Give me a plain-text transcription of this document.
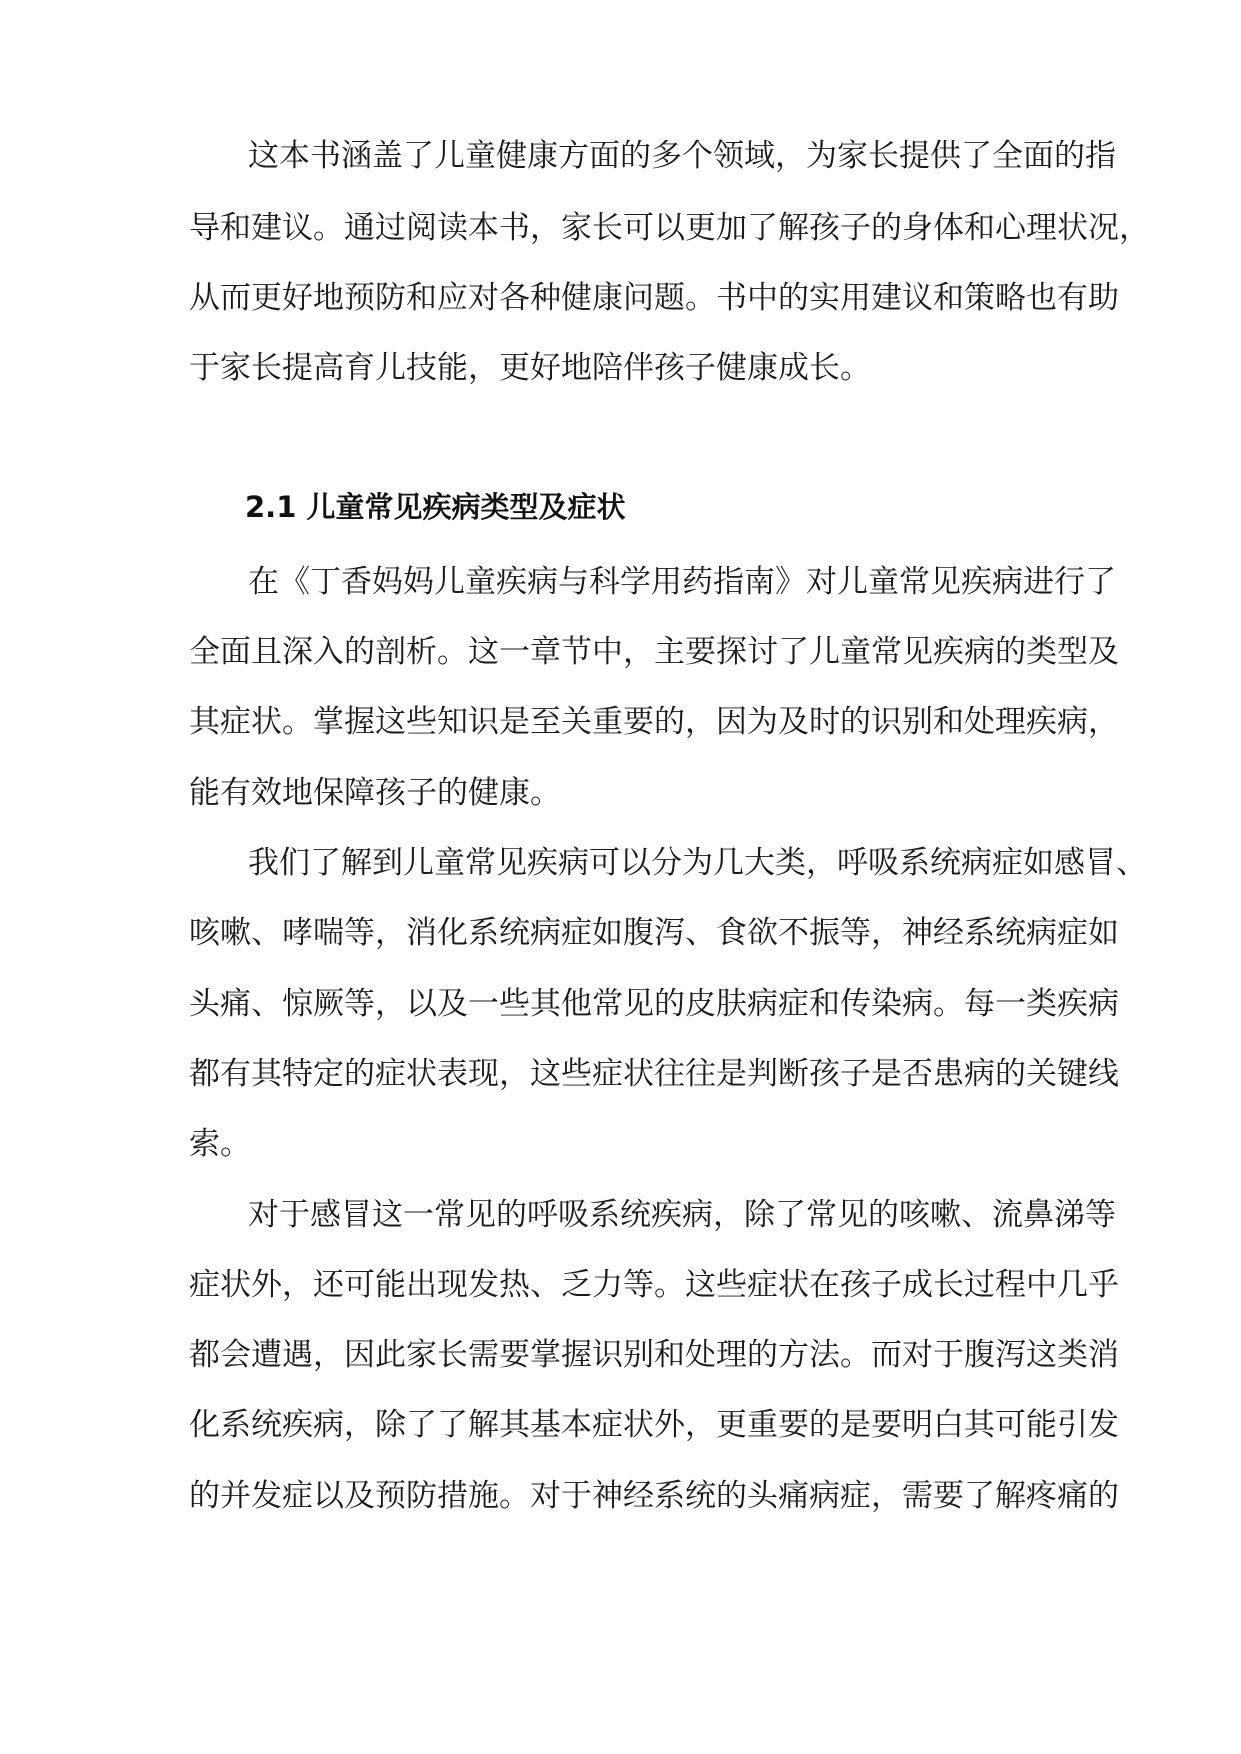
这本书涵盖了儿童健康方面的多个领域，为家长提供了全面的指
导和建议。通过阅读本书，家长可以更加了解孩子的身体和心理状况，
从而更好地预防和应对各种健康问题。书中的实用建议和策略也有助
于家长提高育儿技能，更好地陪伴孩子健康成长。
2.1 儿童常见疾病类型及症状
在《丁香妈妈儿童疾病与科学用药指南》对儿童常见疾病进行了
全面且深入的剖析。这一章节中，主要探讨了儿童常见疾病的类型及
其症状。掌握这些知识是至关重要的，因为及时的识别和处理疾病，
能有效地保障孩子的健康。
我们了解到儿童常见疾病可以分为几大类，呼吸系统病症如感冒、
咳嗽、哮喘等，消化系统病症如腹泻、食欲不振等，神经系统病症如
头痛、惊厥等，以及一些其他常见的皮肤病症和传染病。每一类疾病
都有其特定的症状表现，这些症状往往是判断孩子是否患病的关键线
索。
对于感冒这一常见的呼吸系统疾病，除了常见的咳嗽、流鼻涕等
症状外，还可能出现发热、乏力等。这些症状在孩子成长过程中几乎
都会遭遇，因此家长需要掌握识别和处理的方法。而对于腹泻这类消
化系统疾病，除了了解其基本症状外，更重要的是要明白其可能引发
的并发症以及预防措施。对于神经系统的头痛病症，需要了解疼痛的
